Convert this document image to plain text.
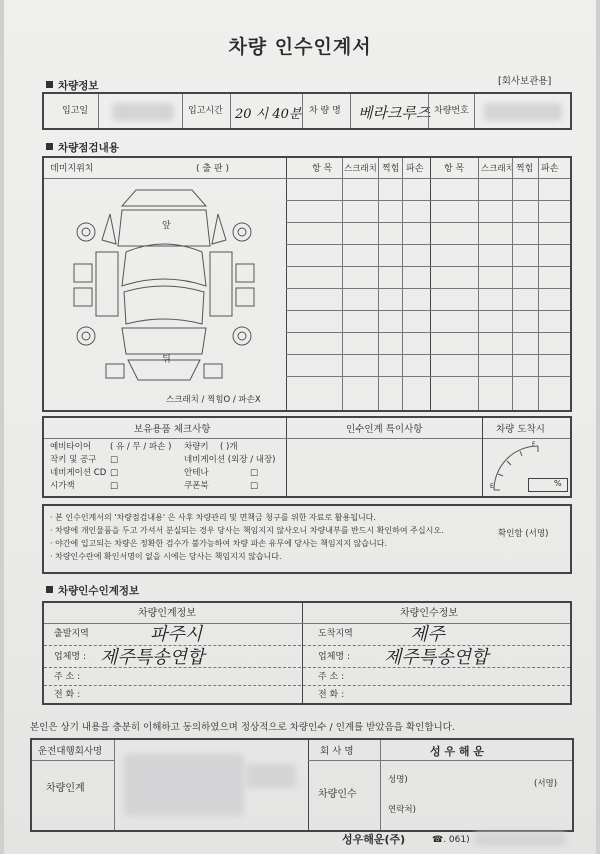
차량 인수인계서
[회사보관용]
차량정보
입고일	입고시간 20 시 40분 차 량 명 베라크루즈 차량번호
차량점검내용
데미지위치	( 출 판 )
앞
뒤
스크래치 / 찍힘O / 파손X
항 목 스크래치 찍힘 파손 항 목 스크래치 찍힘 파손
보유용품 체크사항
예비타이어 ( 유 / 무 / 파손 )
작키 및 공구 □
네비게이션 CD □
시가잭	□
차량키 ( )개
네비게이션 (외장 / 내장)
안테나	□
쿠폰북	□
인수인계 특이사항	차량 도착시
E
F
%
· 본 인수인계서의 '차량점검내용' 은 사후 차량관리 및 면책금 청구를 위한 자료로 활용됩니다.
· 차량에 개인물품을 두고 가셔서 분실되는 경우 당사는 책임지지 않사오니 차량내부를 반드시 확인하여 주십시오.
· 야간에 입고되는 차량은 정확한 검수가 불가능하여 차량 파손 유무에 당사는 책임지지 않습니다.
· 차량인수란에 확인서명이 없을 시에는 당사는 책임지지 않습니다.
확인함 (서명)
차량인수인계정보
차량인계정보	차량인수정보
출발지역	파주시	도착지역	제주
업체명 : 제주특송연합	업체명 : 제주특송연합
주 소 :	주 소 :
전 화 :	전 화 :
본인은 상기 내용을 충분히 이해하고 동의하였으며 정상적으로 차량인수 / 인계를 받았음을 확인합니다.
운전대행회사명
차량인계
회 사 명	성 우 해 운
차량인수
성명)	(서명)
연락처)
성우해운(주)	☎. 061)
